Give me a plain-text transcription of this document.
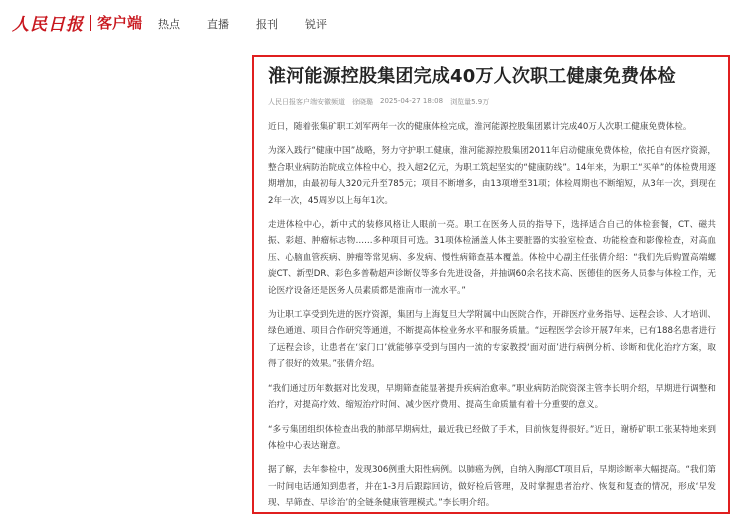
人民日报 客户端 热点 直播 报刊 锐评
淮河能源控股集团完成40万人次职工健康免费体检
人民日报客户端安徽频道 徐晓璐 2025-04-27 18:08 浏览量5.9万

近日，随着张集矿职工刘军两年一次的健康体检完成，淮河能源控股集团累计完成40万人次职工健康免费体检。

为深入践行“健康中国”战略，努力守护职工健康，淮河能源控股集团2011年启动健康免费体检，依托自有医疗资源，整合职业病防治院成立体检中心，投入超2亿元，为职工筑起坚实的“健康防线”。14年来，为职工“买单”的体检费用逐期增加，由最初每人320元升至785元；项目不断增多，由13项增至31项；体检周期也不断缩短，从3年一次，到现在2年一次，45周岁以上每年1次。

走进体检中心，新中式的装修风格让人眼前一亮。职工在医务人员的指导下，选择适合自己的体检套餐，CT、磁共振、彩超、肿瘤标志物……多种项目可选。31项体检涵盖人体主要脏器的实验室检查、功能检查和影像检查，对高血压、心脑血管疾病、肿瘤等常见病、多发病、慢性病筛查基本覆盖。体检中心副主任张倩介绍：“我们先后购置高端螺旋CT、新型DR、彩色多普勒超声诊断仪等多台先进设备，并抽调60余名技术高、医德佳的医务人员参与体检工作，无论医疗设备还是医务人员素质都是淮南市一流水平。”

为让职工享受到先进的医疗资源，集团与上海复旦大学附属中山医院合作，开辟医疗业务指导、远程会诊、人才培训、绿色通道、项目合作研究等通道，不断提高体检业务水平和服务质量。“远程医学会诊开展7年来，已有188名患者进行了远程会诊，让患者在‘家门口’就能够享受到与国内一流的专家教授‘面对面’进行病例分析、诊断和优化治疗方案，取得了很好的效果。”张倩介绍。

“我们通过历年数据对比发现，早期筛查能显著提升疾病治愈率。”职业病防治院资深主管李长明介绍，早期进行调整和治疗，对提高疗效、缩短治疗时间、减少医疗费用、提高生命质量有着十分重要的意义。

“多亏集团组织体检查出我的肺部早期病灶，最近我已经做了手术，目前恢复得很好。”近日，谢桥矿职工张某特地来到体检中心表达谢意。

据了解，去年参检中，发现306例重大阳性病例。以肺癌为例，自纳入胸部CT项目后，早期诊断率大幅提高。“我们第一时间电话通知到患者，并在1-3月后跟踪回访，做好检后管理，及时掌握患者治疗、恢复和复查的情况，形成‘早发现、早筛查、早诊治’的全链条健康管理模式。”李长明介绍。
